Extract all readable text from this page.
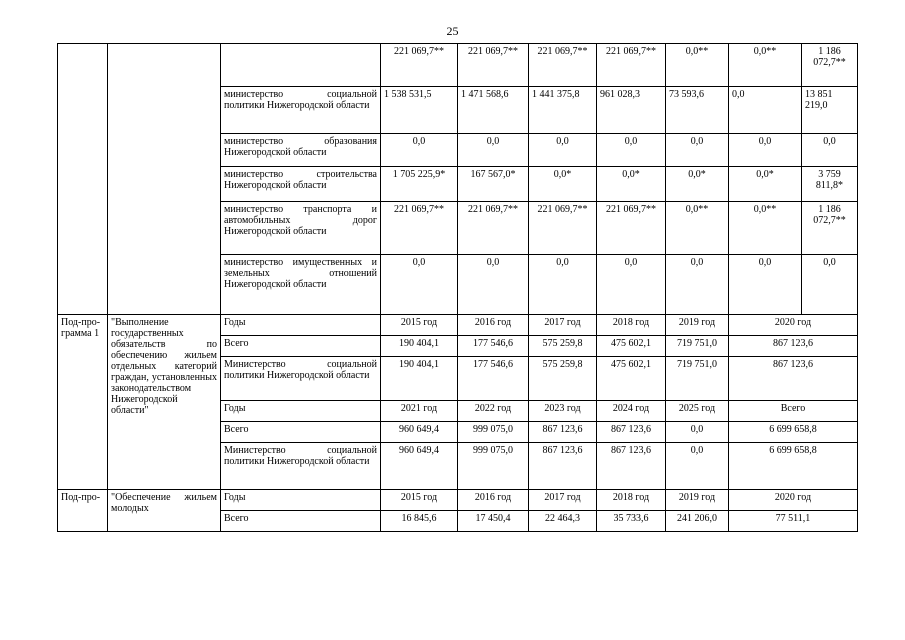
25
			221 069,7**	221 069,7**	221 069,7**	221 069,7**	0,0**	0,0**	1 186 072,7**
		министерство социальной политики Нижегородской области	1 538 531,5	1 471 568,6	1 441 375,8	961 028,3	73 593,6	0,0	13 851 219,0
		министерство образования Нижегородской области	0,0	0,0	0,0	0,0	0,0	0,0	0,0
		министерство строительства Нижегородской области	1 705 225,9*	167 567,0*	0,0*	0,0*	0,0*	0,0*	3 759 811,8*
		министерство транспорта и автомобильных дорог Нижегородской области	221 069,7**	221 069,7**	221 069,7**	221 069,7**	0,0**	0,0**	1 186 072,7**
		министерство имущественных и земельных отношений Нижегородской области	0,0	0,0	0,0	0,0	0,0	0,0	0,0
Под-про-грамма 1	"Выполнение государственных обязательств по обеспечению жильем отдельных категорий граждан, установленных законодательством Нижегородской области"	Годы	2015 год	2016 год	2017 год	2018 год	2019 год	2020 год	
		Всего	190 404,1	177 546,6	575 259,8	475 602,1	719 751,0	867 123,6	
		Министерство социальной политики Нижегородской области	190 404,1	177 546,6	575 259,8	475 602,1	719 751,0	867 123,6	
		Годы	2021 год	2022 год	2023 год	2024 год	2025 год	Всего	
		Всего	960 649,4	999 075,0	867 123,6	867 123,6	0,0	6 699 658,8	
		Министерство социальной политики Нижегородской области	960 649,4	999 075,0	867 123,6	867 123,6	0,0	6 699 658,8	
Под-про-	"Обеспечение жильем молодых	Годы	2015 год	2016 год	2017 год	2018 год	2019 год	2020 год	
		Всего	16 845,6	17 450,4	22 464,3	35 733,6	241 206,0	77 511,1	
